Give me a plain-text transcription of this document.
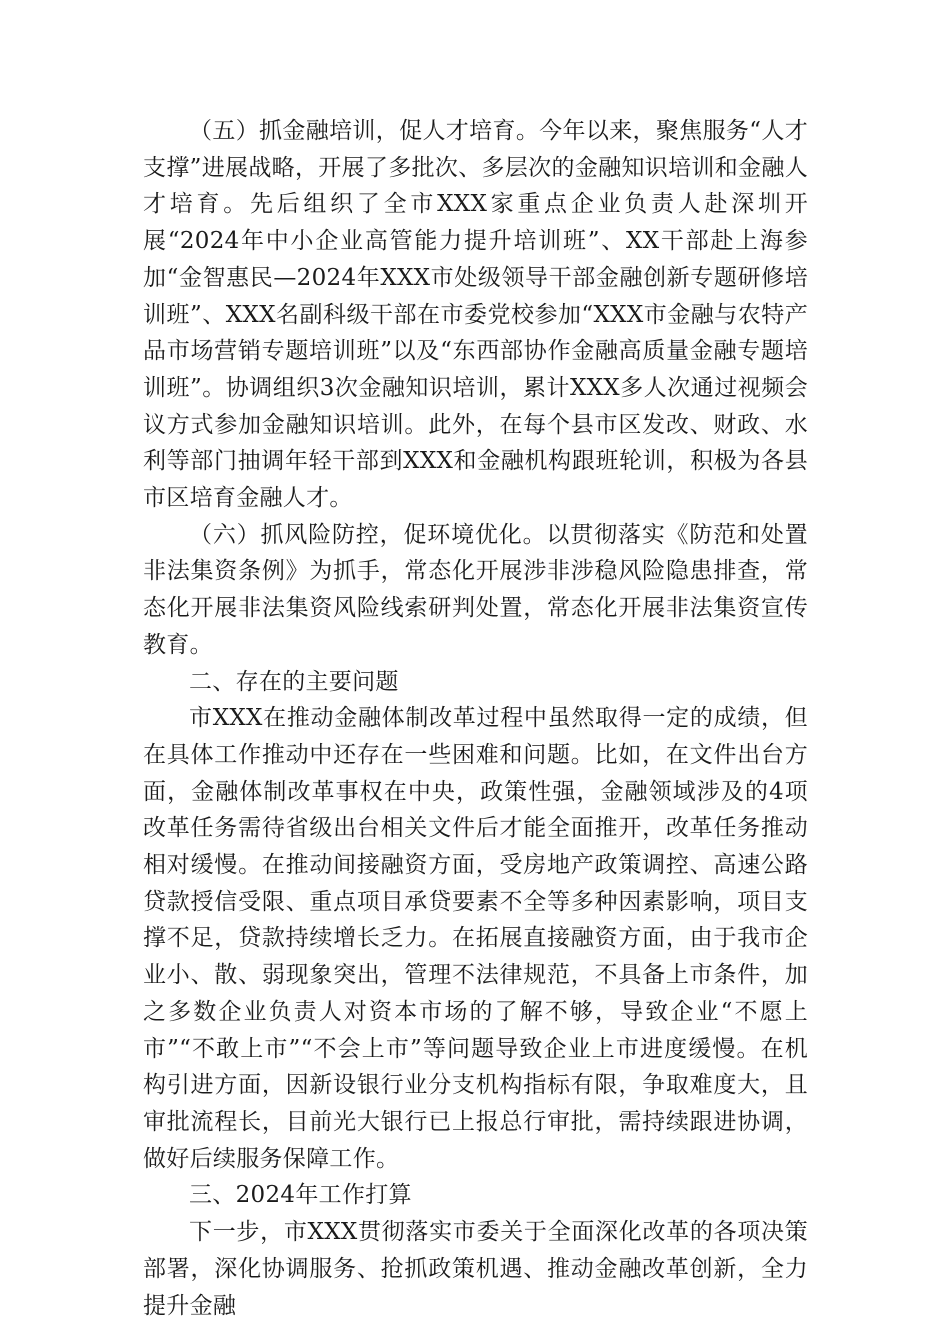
（五）抓金融培训，促人才培育。今年以来，聚焦服务“人才支撑”进展战略，开展了多批次、多层次的金融知识培训和金融人才培育。先后组织了全市XXX家重点企业负责人赴深圳开展“2024年中小企业高管能力提升培训班”、XX干部赴上海参加“金智惠民—2024年XXX市处级领导干部金融创新专题研修培训班”、XXX名副科级干部在市委党校参加“XXX市金融与农特产品市场营销专题培训班”以及“东西部协作金融高质量金融专题培训班”。协调组织3次金融知识培训，累计XXX多人次通过视频会议方式参加金融知识培训。此外，在每个县市区发改、财政、水利等部门抽调年轻干部到XXX和金融机构跟班轮训，积极为各县市区培育金融人才。

（六）抓风险防控，促环境优化。以贯彻落实《防范和处置非法集资条例》为抓手，常态化开展涉非涉稳风险隐患排查，常态化开展非法集资风险线索研判处置，常态化开展非法集资宣传教育。

二、存在的主要问题

市XXX在推动金融体制改革过程中虽然取得一定的成绩，但在具体工作推动中还存在一些困难和问题。比如，在文件出台方面，金融体制改革事权在中央，政策性强，金融领域涉及的4项改革任务需待省级出台相关文件后才能全面推开，改革任务推动相对缓慢。在推动间接融资方面，受房地产政策调控、高速公路贷款授信受限、重点项目承贷要素不全等多种因素影响，项目支撑不足，贷款持续增长乏力。在拓展直接融资方面，由于我市企业小、散、弱现象突出，管理不法律规范，不具备上市条件，加之多数企业负责人对资本市场的了解不够，导致企业“不愿上市”“不敢上市”“不会上市”等问题导致企业上市进度缓慢。在机构引进方面，因新设银行业分支机构指标有限，争取难度大，且审批流程长，目前光大银行已上报总行审批，需持续跟进协调，做好后续服务保障工作。

三、2024年工作打算

下一步，市XXX贯彻落实市委关于全面深化改革的各项决策部署，深化协调服务、抢抓政策机遇、推动金融改革创新，全力提升金融
